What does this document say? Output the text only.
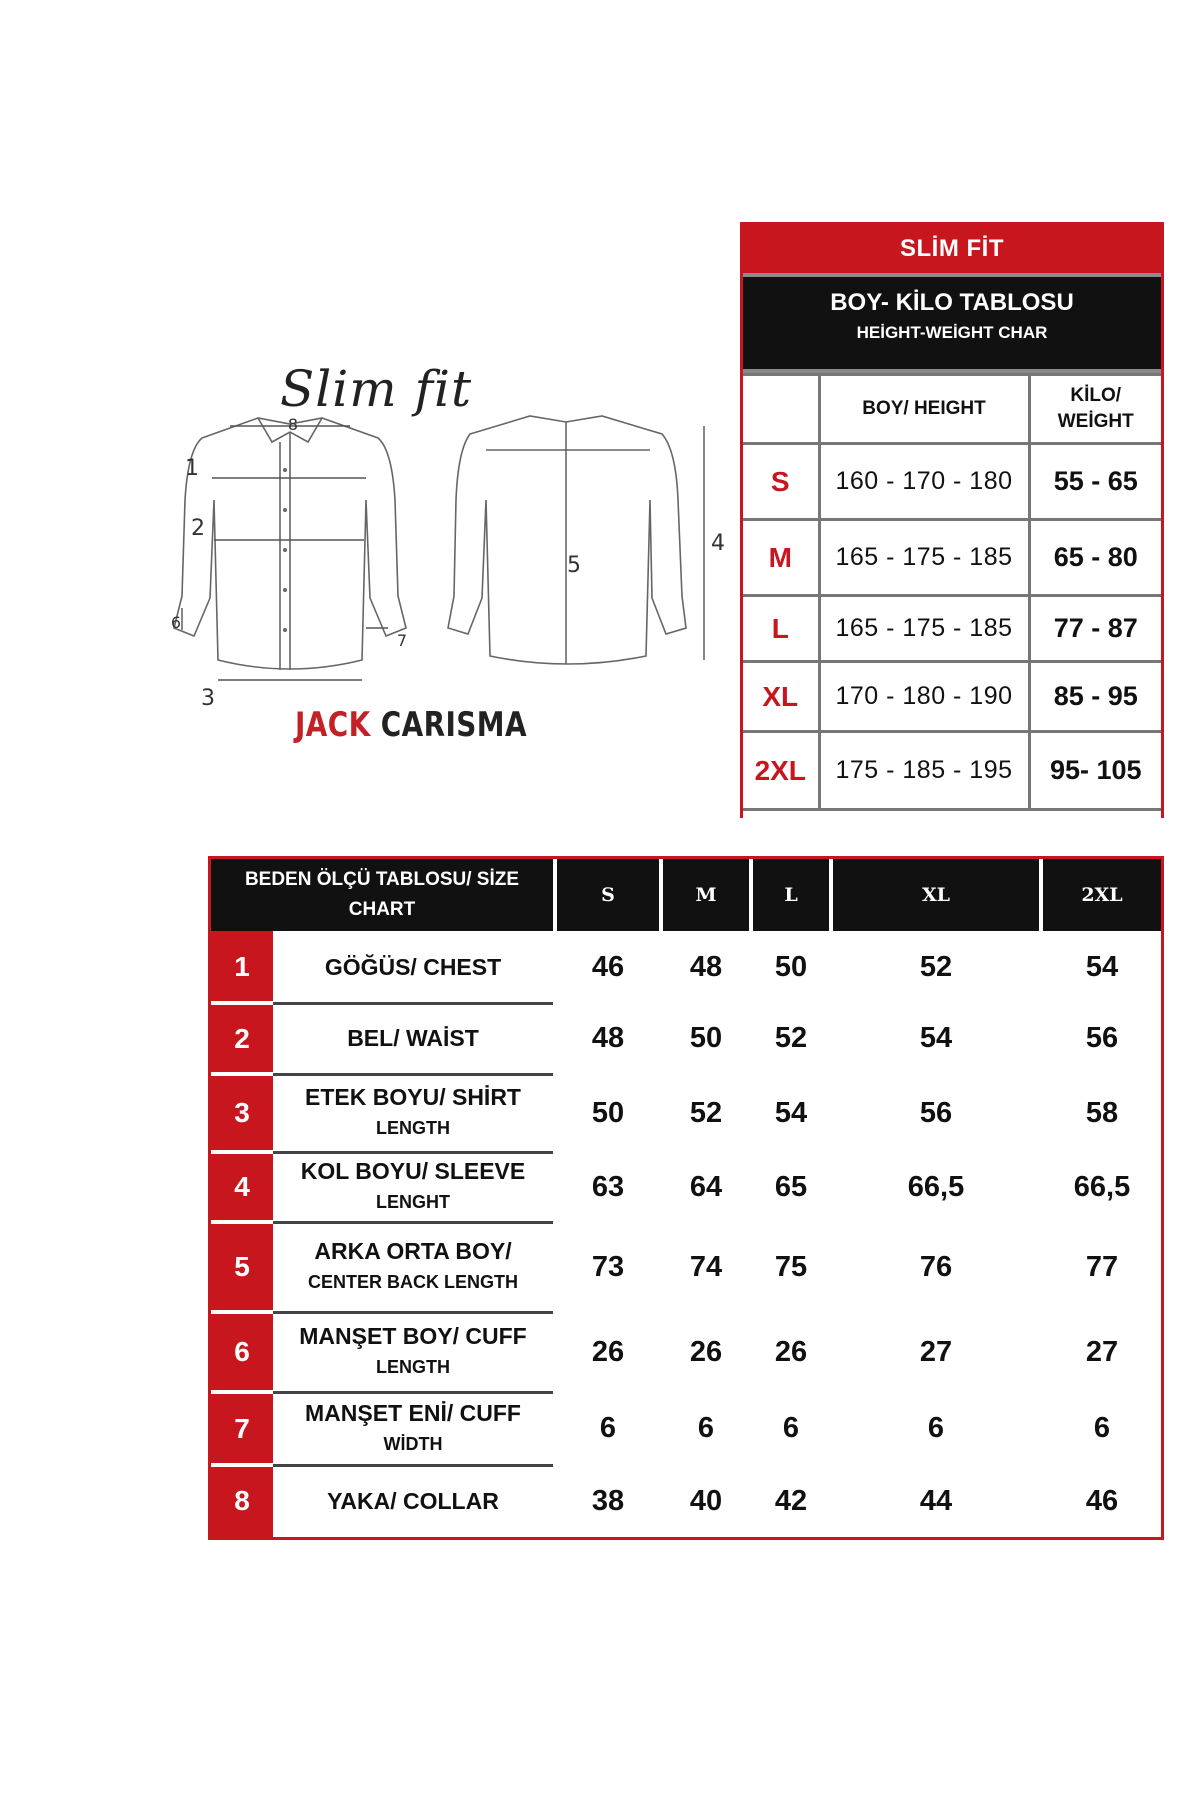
Slim fit
1
2
3
4
5
6
7
8
JACK CARISMA
SLİM FİT
BOY- KİLO TABLOSU
HEİGHT-WEİGHT CHAR
	BOY/ HEIGHT	KİLO/
WEİGHT

S	160 - 170 - 180	55 - 65
M	165 - 175 - 185	65 - 80
L	165 - 175 - 185	77 - 87
XL	170 - 180 - 190	85 - 95
2XL	175 - 185 - 195	95- 105
BEDEN ÖLÇÜ TABLOSU/ SİZE
CHART
S	M	L	XL	2XL
1	GÖĞÜS/ CHEST	46	48	50	52	54
2	BEL/ WAİST	48	50	52	54	56
3	ETEK BOYU/ SHİRT
LENGTH	50	52	54	56	58
4	KOL BOYU/ SLEEVE
LENGHT	63	64	65	66,5	66,5
5	ARKA ORTA BOY/
CENTER BACK LENGTH	73	74	75	76	77
6	MANŞET BOY/ CUFF
LENGTH	26	26	26	27	27
7	MANŞET ENİ/ CUFF
WİDTH	6	6	6	6	6
8	YAKA/ COLLAR	38	40	42	44	46
